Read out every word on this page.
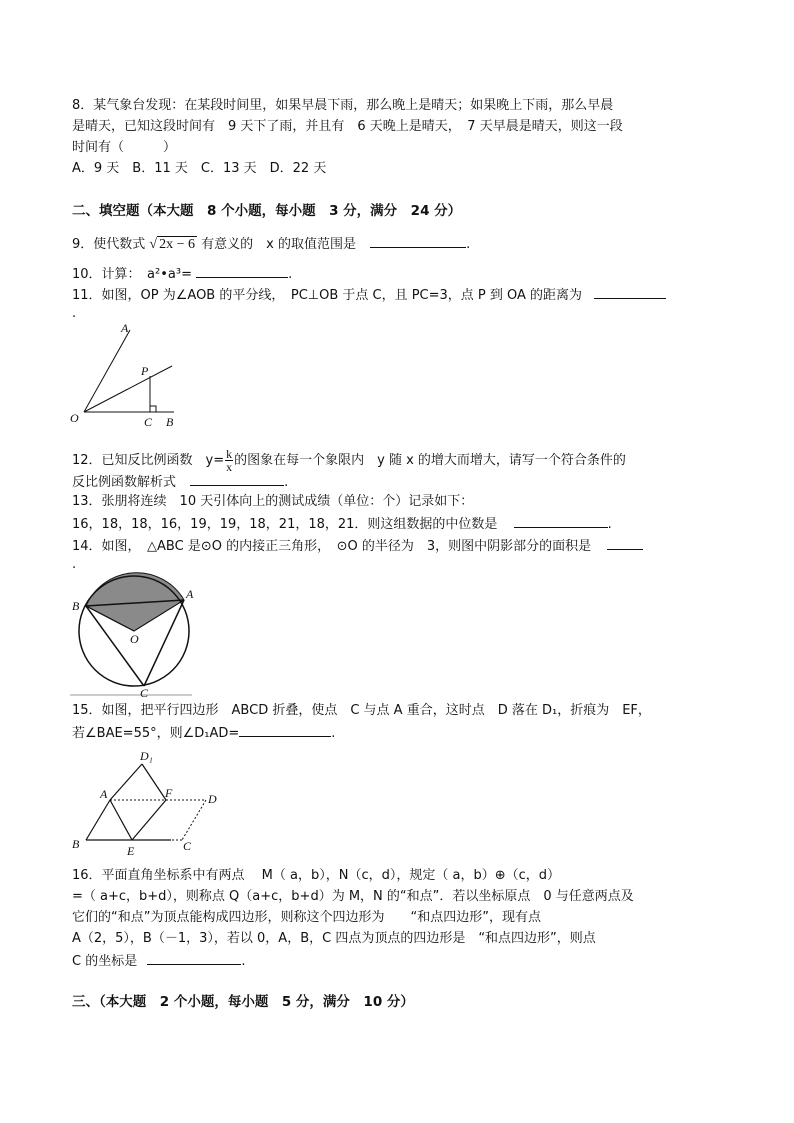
8．某气象台发现：在某段时间里，如果早晨下雨，那么晚上是晴天；如果晚上下雨，那么早晨
是晴天，已知这段时间有　9 天下了雨，并且有　6 天晚上是晴天，　7 天早晨是晴天，则这一段
时间有（　　　）
A．9 天　B．11 天　C．13 天　D．22 天
二、填空题（本大题　8 个小题，每小题　3 分，满分　24 分）
9．使代数式 √ 2x − 6 有意义的　x 的取值范围是	.
10．计算：　a²•a³=	.
11．如图，OP 为∠AOB 的平分线，　PC⊥OB 于点 C，且 PC=3，点 P 到 OA 的距离为
.
A
P
O	C B
12．已知反比例函数　$y= \frac{k}{x}$ 的图象在每一个象限内　y 随 x 的增大而增大，请写一个符合条件的
反比例函数解析式	.
13．张朋将连续　10 天引体向上的测试成绩（单位：个）记录如下：
16，18，18，16，19，19，18，21，18，21．则这组数据的中位数是	.
14．如图，　△ABC 是⊙O 的内接正三角形，　⊙O 的半径为　3，则图中阴影部分的面积是
.
A
B
O
C
15．如图，把平行四边形　ABCD 折叠，使点　C 与点 A 重合，这时点　D 落在 D₁，折痕为　EF，
若∠BAE=55°，则∠D₁AD=	.
D₁
A	F	D
B	E	C
16．平面直角坐标系中有两点　 M（ a，b），N（c，d），规定（ a，b）⊕（c，d）
=（ a+c，b+d），则称点 Q（a+c，b+d）为 M，N 的“和点”．若以坐标原点　0 与任意两点及
它们的“和点”为顶点能构成四边形，则称这个四边形为　　“和点四边形”，现有点
A（2，5），B（－1，3），若以 0，A，B，C 四点为顶点的四边形是　“和点四边形”，则点
C 的坐标是	.
三、（本大题　2 个小题，每小题　5 分，满分　10 分）
